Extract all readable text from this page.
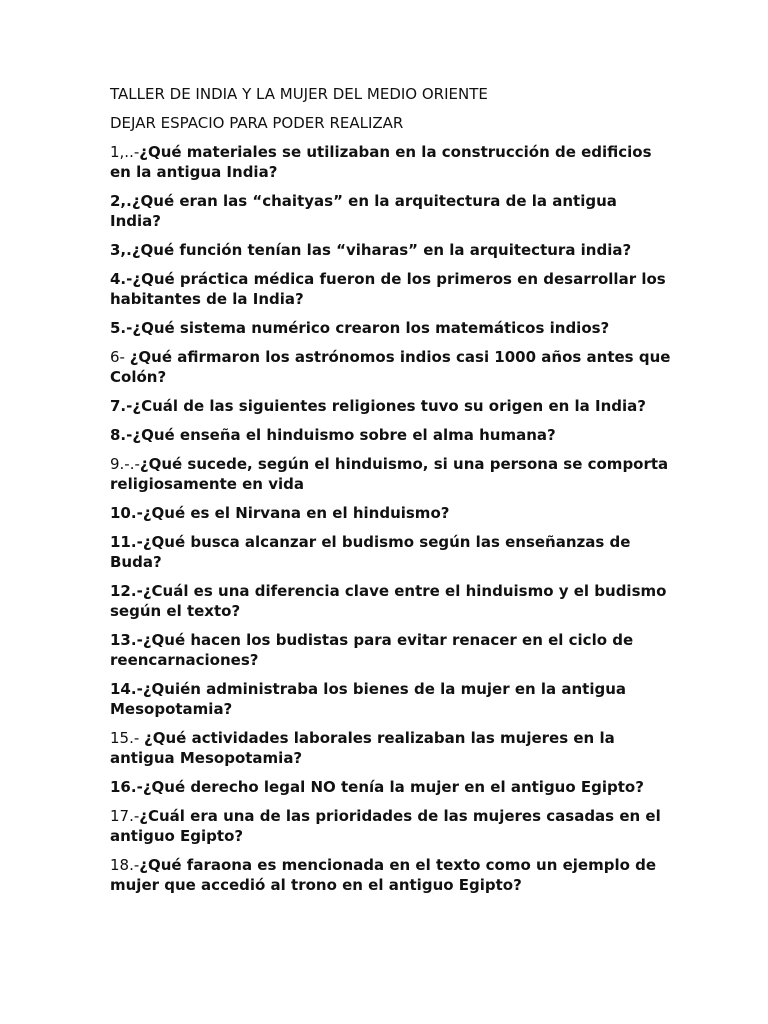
TALLER DE INDIA Y LA MUJER DEL MEDIO ORIENTE

DEJAR ESPACIO PARA PODER REALIZAR

1,..-¿Qué materiales se utilizaban en la construcción de edificios en la antigua India?

2,.¿Qué eran las “chaityas” en la arquitectura de la antigua India?

3,.¿Qué función tenían las “viharas” en la arquitectura india?

4.-¿Qué práctica médica fueron de los primeros en desarrollar los habitantes de la India?

5.-¿Qué sistema numérico crearon los matemáticos indios?

6- ¿Qué afirmaron los astrónomos indios casi 1000 años antes que Colón?

7.-¿Cuál de las siguientes religiones tuvo su origen en la India?

8.-¿Qué enseña el hinduismo sobre el alma humana?

9.-.-¿Qué sucede, según el hinduismo, si una persona se comporta religiosamente en vida

10.-¿Qué es el Nirvana en el hinduismo?

11.-¿Qué busca alcanzar el budismo según las enseñanzas de Buda?

12.-¿Cuál es una diferencia clave entre el hinduismo y el budismo según el texto?

13.-¿Qué hacen los budistas para evitar renacer en el ciclo de reencarnaciones?

14.-¿Quién administraba los bienes de la mujer en la antigua Mesopotamia?

15.- ¿Qué actividades laborales realizaban las mujeres en la antigua Mesopotamia?

16.-¿Qué derecho legal NO tenía la mujer en el antiguo Egipto?

17.-¿Cuál era una de las prioridades de las mujeres casadas en el antiguo Egipto?

18.-¿Qué faraona es mencionada en el texto como un ejemplo de mujer que accedió al trono en el antiguo Egipto?
